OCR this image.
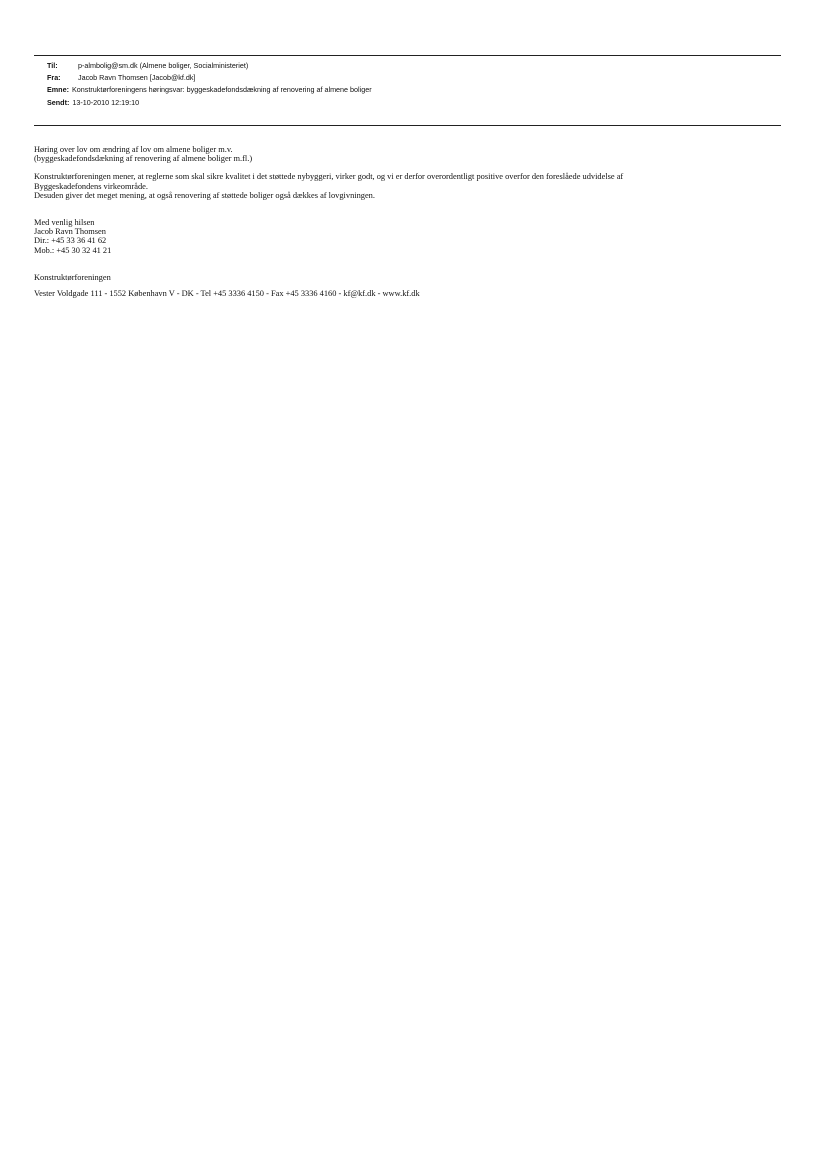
Til:	p-almbolig@sm.dk (Almene boliger, Socialministeriet)
Fra:	Jacob Ravn Thomsen [Jacob@kf.dk]
Emne: Konstruktørforeningens høringsvar: byggeskadefondsdækning af renovering af almene boliger
Sendt: 13-10-2010 12:19:10

Høring over lov om ændring af lov om almene boliger m.v.

(byggeskadefondsdækning af renovering af almene boliger m.fl.)

Konstruktørforeningen mener, at reglerne som skal sikre kvalitet i det støttede nybyggeri, virker godt, og vi er derfor overordentligt positive overfor den foreslåede udvidelse af

Byggeskadefondens virkeområde.

Desuden giver det meget mening, at også renovering af støttede boliger også dækkes af lovgivningen.

Med venlig hilsen

Jacob Ravn Thomsen

Dir.: +45 33 36 41 62

Mob.: +45 30 32 41 21

Konstruktørforeningen

Vester Voldgade 111 - 1552 København V - DK - Tel +45 3336 4150 - Fax +45 3336 4160 - kf@kf.dk - www.kf.dk
